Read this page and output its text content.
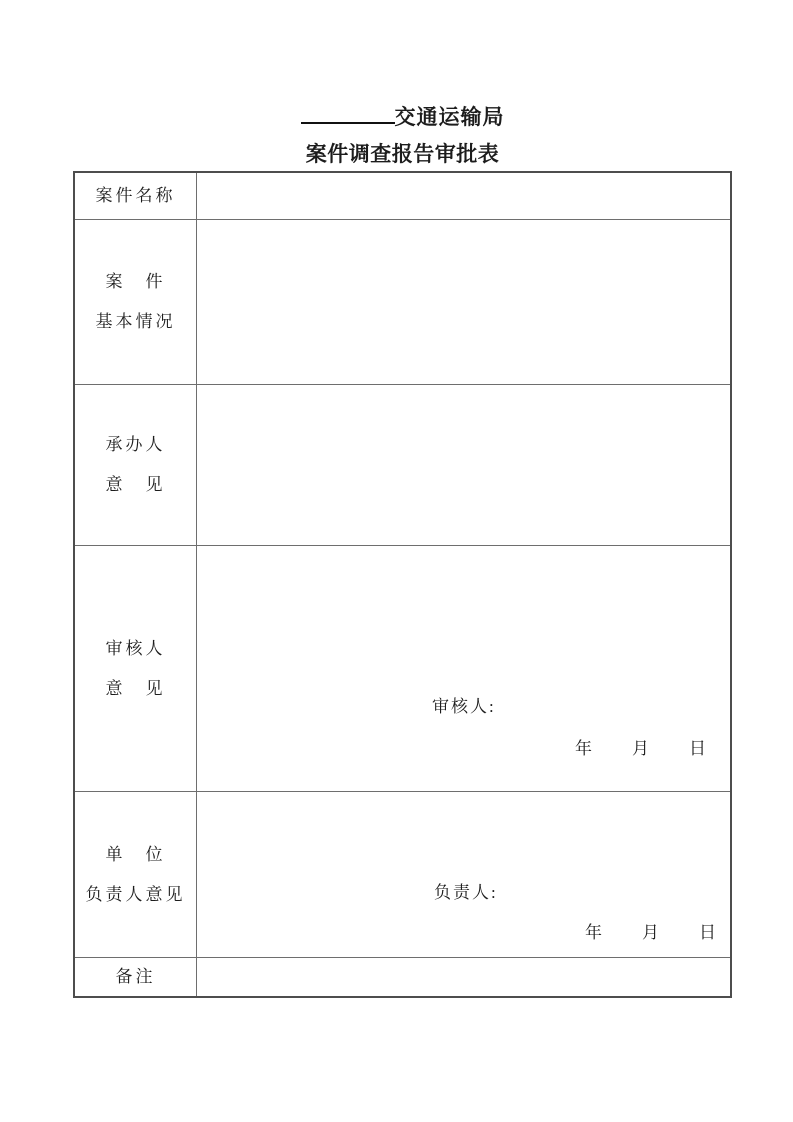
交通运输局
案件调查报告审批表
案件名称
案　件
基本情况
承办人
意　见
审核人
意　见
审核人:
年　　月　　日
单　位
负责人意见	负责人:
年　　月　　日
备注
